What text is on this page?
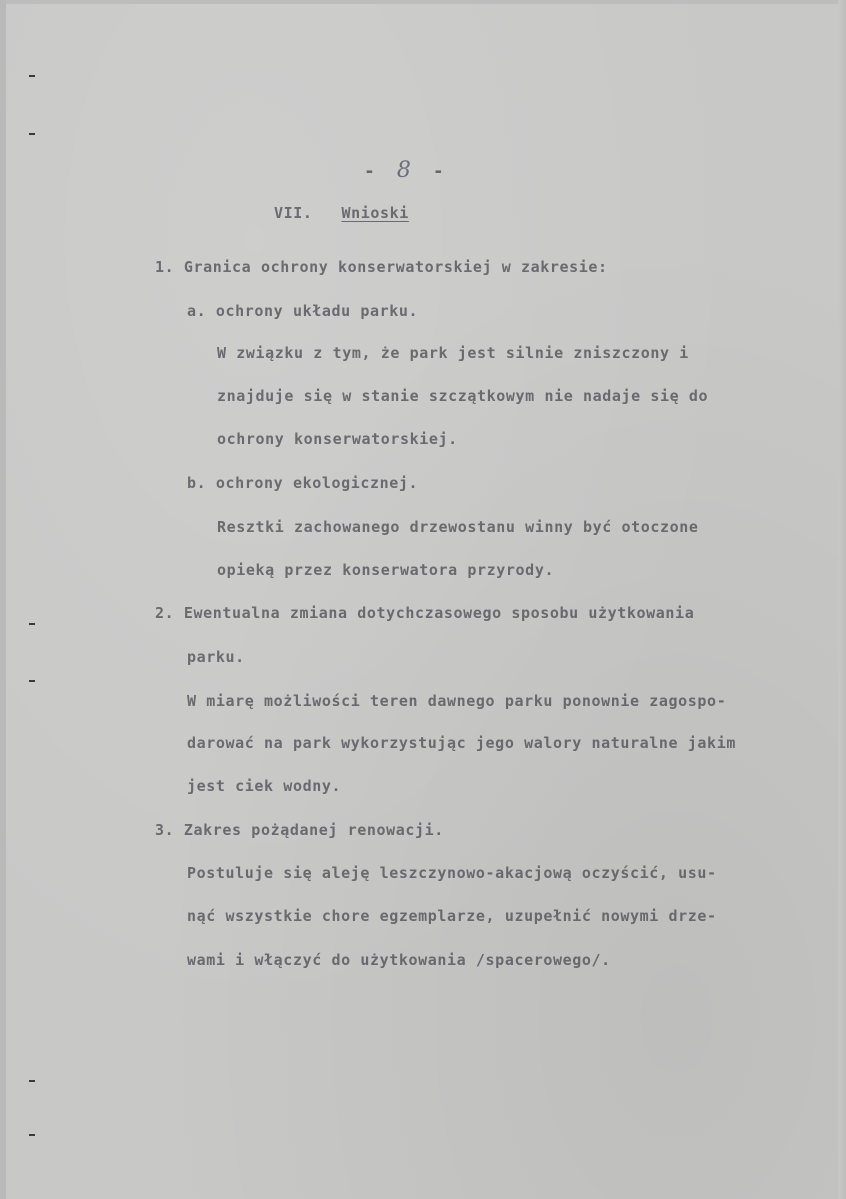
- 8 -
VII. Wnioski
1. Granica ochrony konserwatorskiej w zakresie:
a. ochrony układu parku.
W związku z tym, że park jest silnie zniszczony i
znajduje się w stanie szczątkowym nie nadaje się do
ochrony konserwatorskiej.
b. ochrony ekologicznej.
Resztki zachowanego drzewostanu winny być otoczone
opieką przez konserwatora przyrody.
2. Ewentualna zmiana dotychczasowego sposobu użytkowania
parku.
W miarę możliwości teren dawnego parku ponownie zagospo-
darować na park wykorzystując jego walory naturalne jakim
jest ciek wodny.
3. Zakres pożądanej renowacji.
Postuluje się aleję leszczynowo-akacjową oczyścić, usu-
nąć wszystkie chore egzemplarze, uzupełnić nowymi drze-
wami i włączyć do użytkowania /spacerowego/.
